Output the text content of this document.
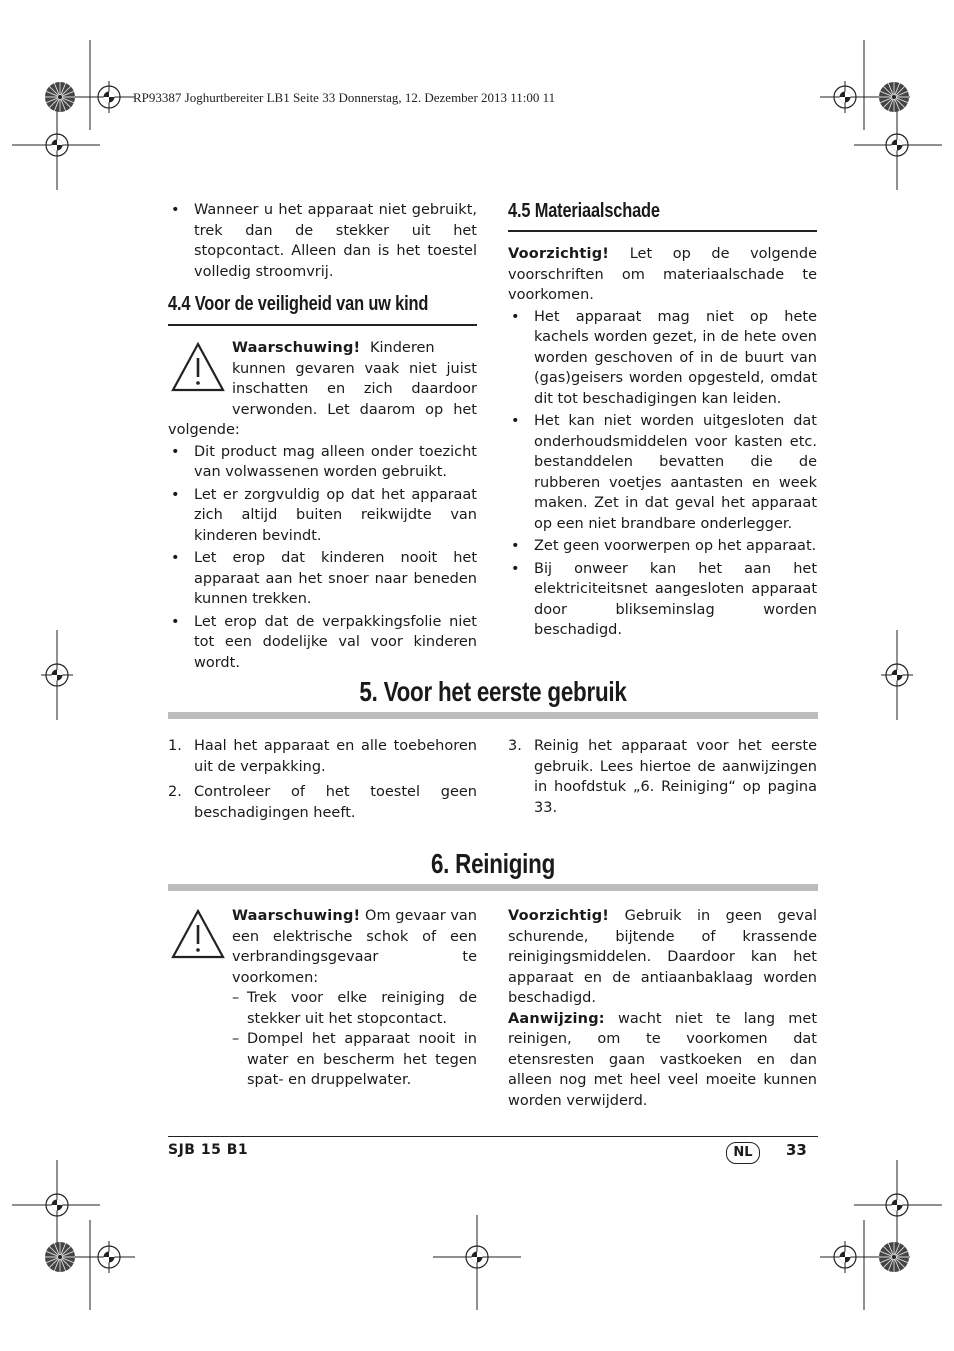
RP93387 Joghurtbereiter LB1 Seite 33 Donnerstag, 12. Dezember 2013 11:00 11
• Wanneer u het apparaat niet gebruikt, trek dan de stekker uit het stopcontact. Alleen dan is het toestel volledig stroomvrij.
4.4 Voor de veiligheid van uw kind
Waarschuwing! Kinderen kunnen gevaren vaak niet juist inschatten en zich daardoor verwonden. Let daarom op het volgende:
• Dit product mag alleen onder toezicht van volwassenen worden gebruikt.
• Let er zorgvuldig op dat het apparaat zich altijd buiten reikwijdte van kinderen bevindt.
• Let erop dat kinderen nooit het apparaat aan het snoer naar beneden kunnen trekken.
• Let erop dat de verpakkingsfolie niet tot een dodelijke val voor kinderen wordt.
4.5 Materiaalschade
Voorzichtig! Let op de volgende voorschriften om materiaalschade te voorkomen.
• Het apparaat mag niet op hete kachels worden gezet, in de hete oven worden geschoven of in de buurt van (gas)geisers worden opgesteld, omdat dit tot beschadigingen kan leiden.
• Het kan niet worden uitgesloten dat onderhoudsmiddelen voor kasten etc. bestanddelen bevatten die de rubberen voetjes aantasten en week maken. Zet in dat geval het apparaat op een niet brandbare onderlegger.
• Zet geen voorwerpen op het apparaat.
• Bij onweer kan het aan het elektriciteitsnet aangesloten apparaat door blikseminslag worden beschadigd.
5. Voor het eerste gebruik
1. Haal het apparaat en alle toebehoren uit de verpakking.
2. Controleer of het toestel geen beschadigingen heeft.
3. Reinig het apparaat voor het eerste gebruik. Lees hiertoe de aanwijzingen in hoofdstuk „6. Reiniging“ op pagina 33.
6. Reiniging
Waarschuwing! Om gevaar van een elektrische schok of een verbrandingsgevaar te voorkomen:
– Trek voor elke reiniging de stekker uit het stopcontact.
– Dompel het apparaat nooit in water en bescherm het tegen spat- en druppelwater.
Voorzichtig! Gebruik in geen geval schurende, bijtende of krassende reinigingsmiddelen. Daardoor kan het apparaat en de antiaanbaklaag worden beschadigd.
Aanwijzing: wacht niet te lang met reinigen, om te voorkomen dat etensresten gaan vastkoeken en dan alleen nog met heel veel moeite kunnen worden verwijderd.
SJB 15 B1	NL	33
